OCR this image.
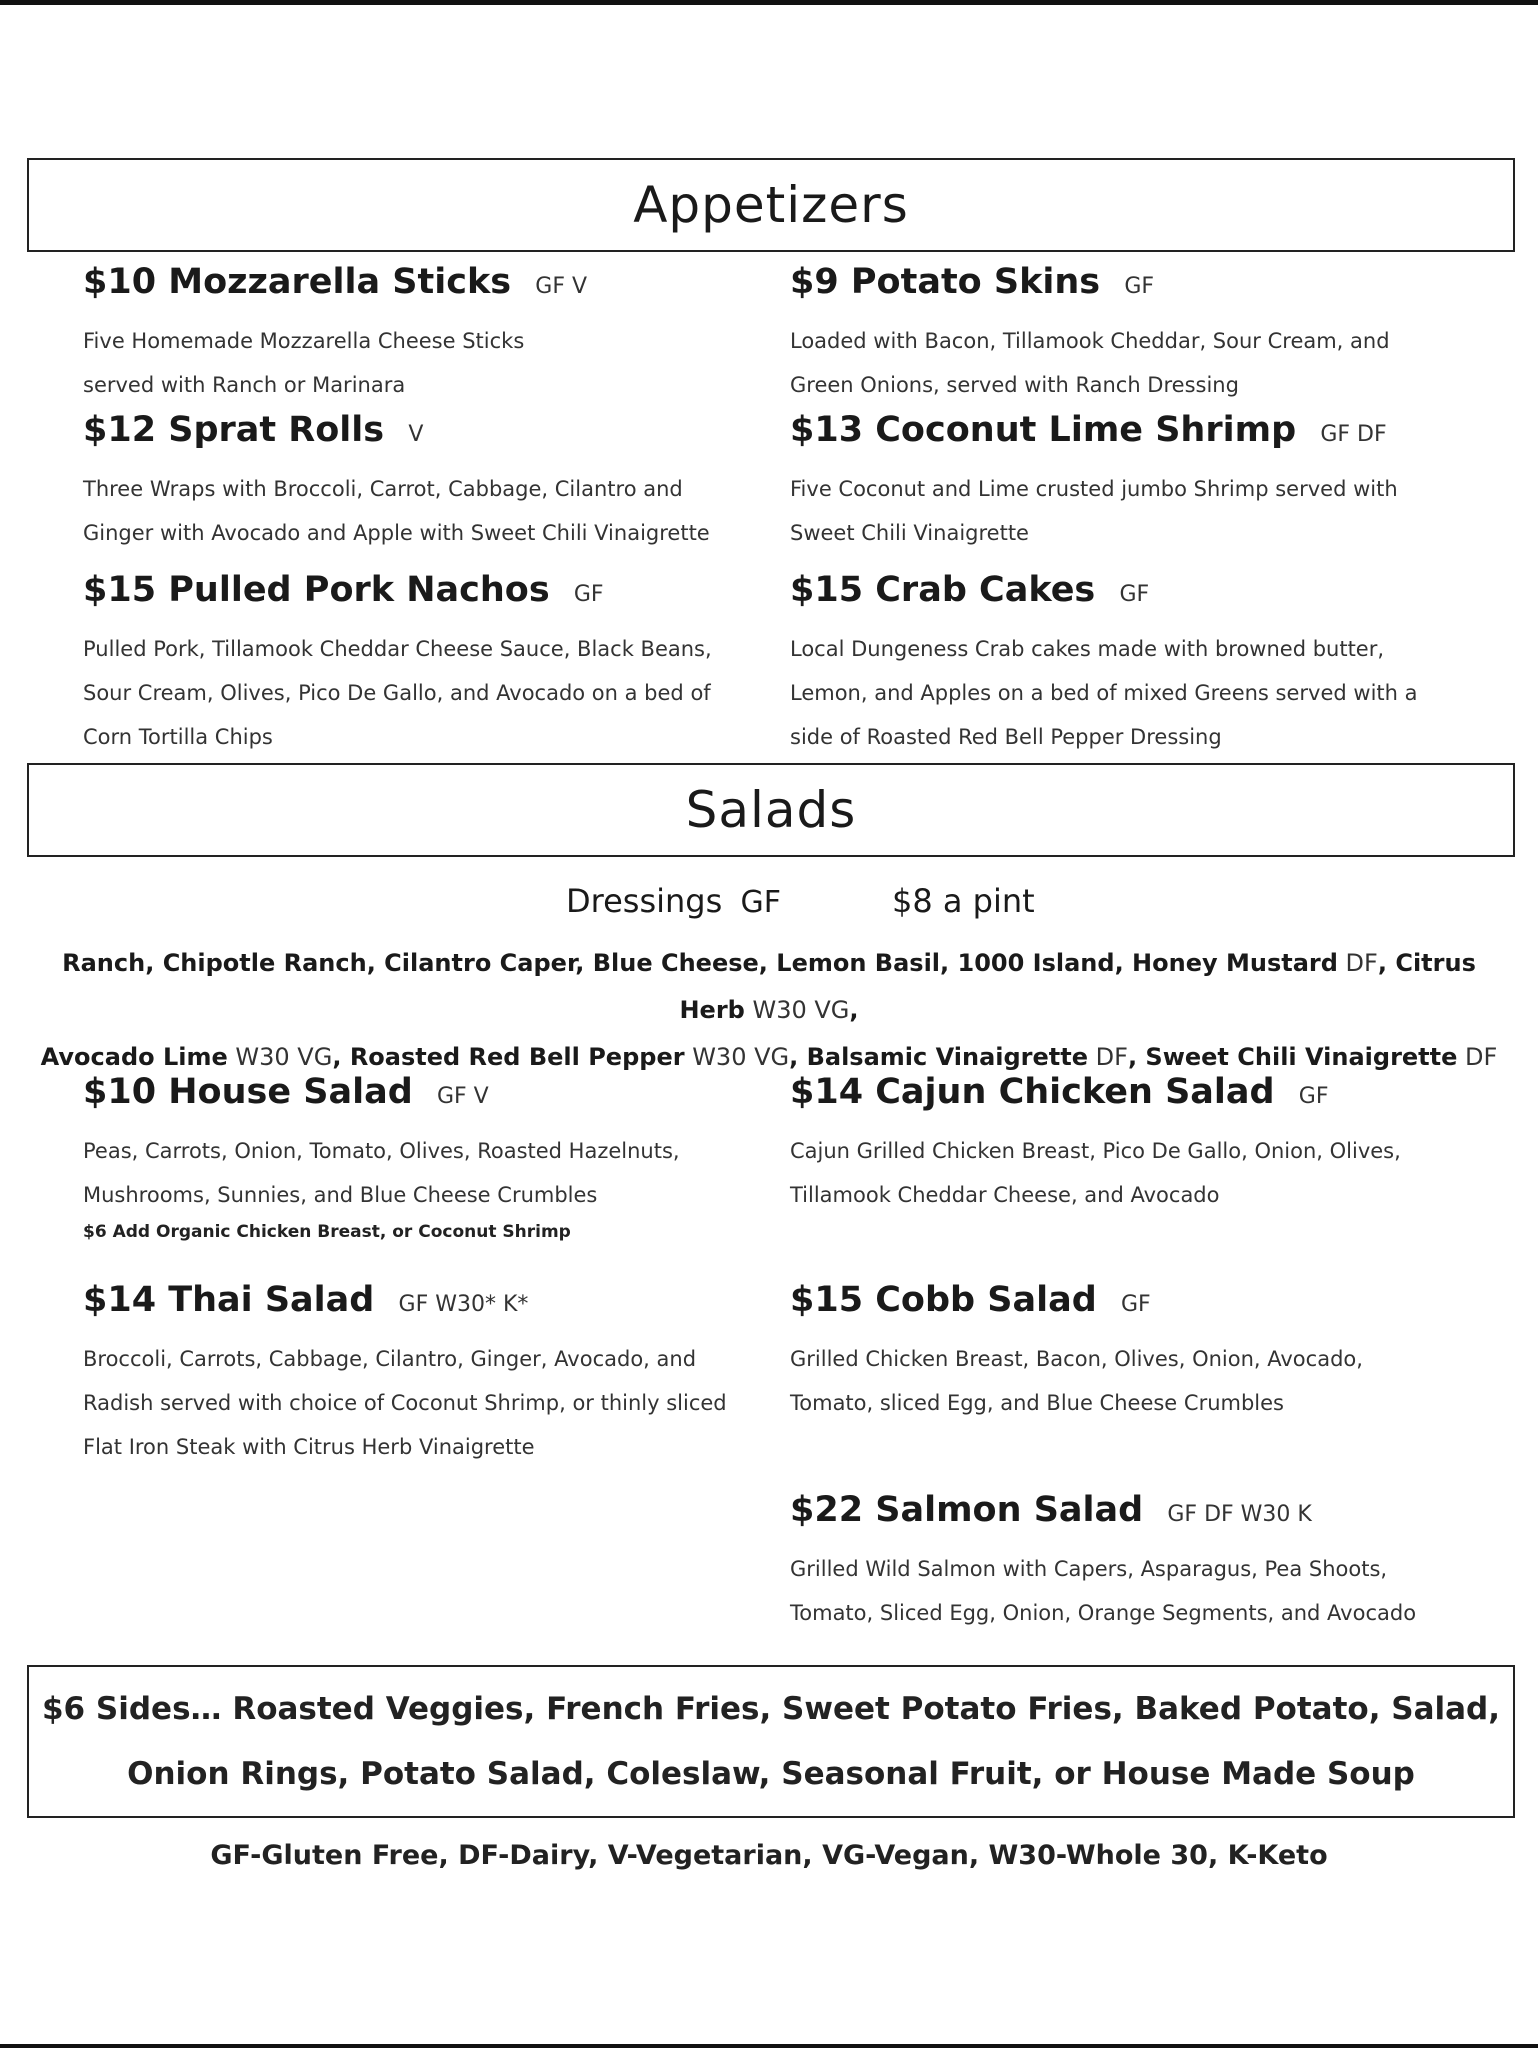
Appetizers
$10 Mozzarella Sticks GF V
Five Homemade Mozzarella Cheese Sticks
served with Ranch or Marinara
$9 Potato Skins GF
Loaded with Bacon, Tillamook Cheddar, Sour Cream, and
Green Onions, served with Ranch Dressing
$12 Sprat Rolls V
Three Wraps with Broccoli, Carrot, Cabbage, Cilantro and
Ginger with Avocado and Apple with Sweet Chili Vinaigrette
$13 Coconut Lime Shrimp GF DF
Five Coconut and Lime crusted jumbo Shrimp served with
Sweet Chili Vinaigrette
$15 Pulled Pork Nachos GF
Pulled Pork, Tillamook Cheddar Cheese Sauce, Black Beans,
Sour Cream, Olives, Pico De Gallo, and Avocado on a bed of
Corn Tortilla Chips
$15 Crab Cakes GF
Local Dungeness Crab cakes made with browned butter,
Lemon, and Apples on a bed of mixed Greens served with a
side of Roasted Red Bell Pepper Dressing
Salads
Dressings GF	$8 a pint
Ranch, Chipotle Ranch, Cilantro Caper, Blue Cheese, Lemon Basil, 1000 Island, Honey Mustard DF, Citrus Herb W30 VG,
Avocado Lime W30 VG, Roasted Red Bell Pepper W30 VG, Balsamic Vinaigrette DF, Sweet Chili Vinaigrette DF
$10 House Salad GF V
Peas, Carrots, Onion, Tomato, Olives, Roasted Hazelnuts,
Mushrooms, Sunnies, and Blue Cheese Crumbles
$6 Add Organic Chicken Breast, or Coconut Shrimp
$14 Cajun Chicken Salad GF
Cajun Grilled Chicken Breast, Pico De Gallo, Onion, Olives,
Tillamook Cheddar Cheese, and Avocado
$14 Thai Salad GF W30* K*
Broccoli, Carrots, Cabbage, Cilantro, Ginger, Avocado, and
Radish served with choice of Coconut Shrimp, or thinly sliced
Flat Iron Steak with Citrus Herb Vinaigrette
$15 Cobb Salad GF
Grilled Chicken Breast, Bacon, Olives, Onion, Avocado,
Tomato, sliced Egg, and Blue Cheese Crumbles
$22 Salmon Salad GF DF W30 K
Grilled Wild Salmon with Capers, Asparagus, Pea Shoots,
Tomato, Sliced Egg, Onion, Orange Segments, and Avocado
$6 Sides… Roasted Veggies, French Fries, Sweet Potato Fries, Baked Potato, Salad,
Onion Rings, Potato Salad, Coleslaw, Seasonal Fruit, or House Made Soup
GF-Gluten Free, DF-Dairy, V-Vegetarian, VG-Vegan, W30-Whole 30, K-Keto
